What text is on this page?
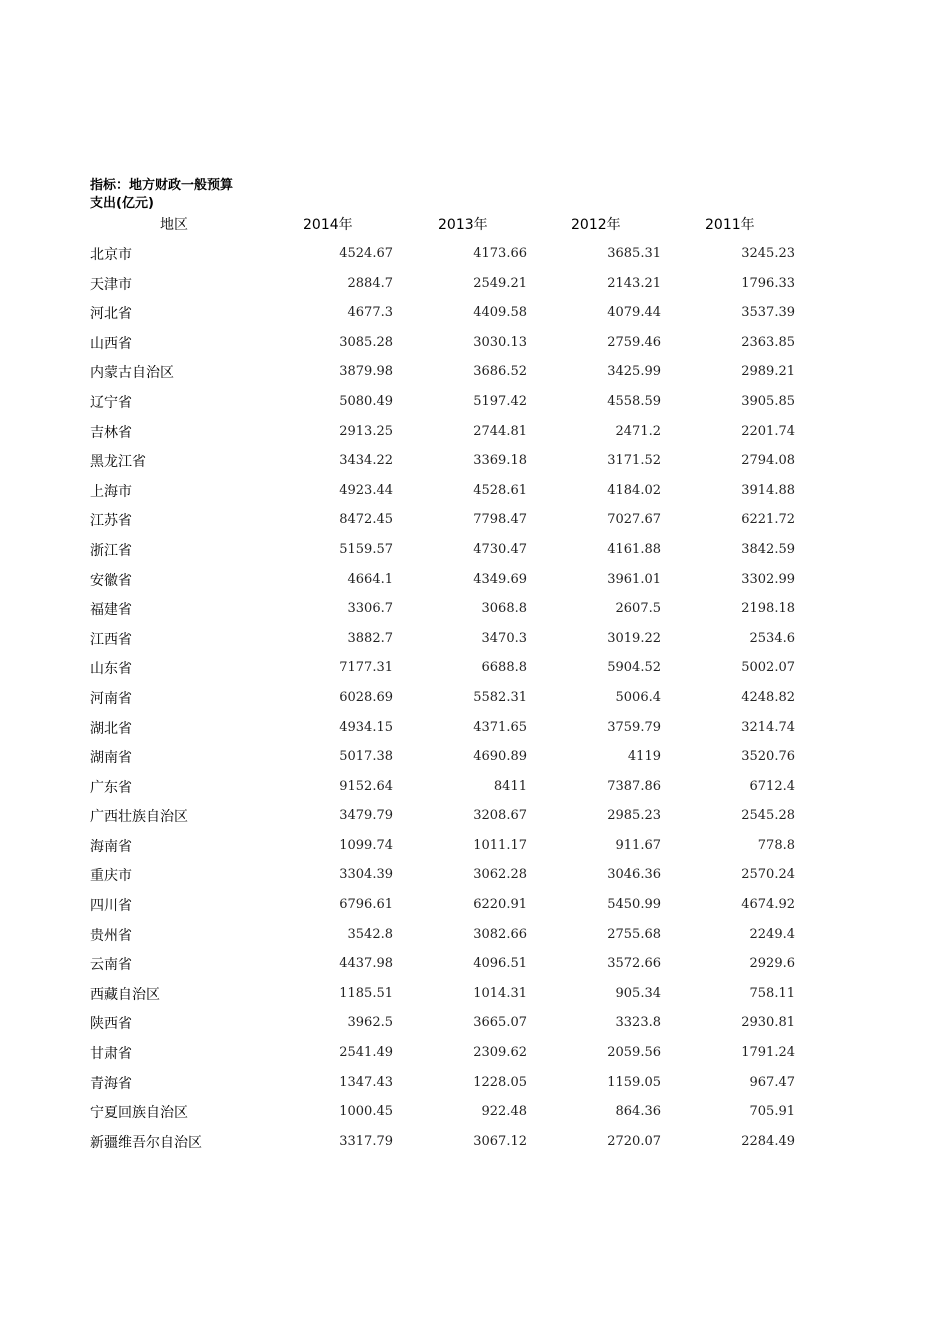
指标：地方财政一般预算
支出(亿元)
地区	2014年	2013年	2012年	2011年
北京市	4524.67	4173.66	3685.31	3245.23
天津市	2884.7	2549.21	2143.21	1796.33
河北省	4677.3	4409.58	4079.44	3537.39
山西省	3085.28	3030.13	2759.46	2363.85
内蒙古自治区	3879.98	3686.52	3425.99	2989.21
辽宁省	5080.49	5197.42	4558.59	3905.85
吉林省	2913.25	2744.81	2471.2	2201.74
黑龙江省	3434.22	3369.18	3171.52	2794.08
上海市	4923.44	4528.61	4184.02	3914.88
江苏省	8472.45	7798.47	7027.67	6221.72
浙江省	5159.57	4730.47	4161.88	3842.59
安徽省	4664.1	4349.69	3961.01	3302.99
福建省	3306.7	3068.8	2607.5	2198.18
江西省	3882.7	3470.3	3019.22	2534.6
山东省	7177.31	6688.8	5904.52	5002.07
河南省	6028.69	5582.31	5006.4	4248.82
湖北省	4934.15	4371.65	3759.79	3214.74
湖南省	5017.38	4690.89	4119	3520.76
广东省	9152.64	8411	7387.86	6712.4
广西壮族自治区	3479.79	3208.67	2985.23	2545.28
海南省	1099.74	1011.17	911.67	778.8
重庆市	3304.39	3062.28	3046.36	2570.24
四川省	6796.61	6220.91	5450.99	4674.92
贵州省	3542.8	3082.66	2755.68	2249.4
云南省	4437.98	4096.51	3572.66	2929.6
西藏自治区	1185.51	1014.31	905.34	758.11
陕西省	3962.5	3665.07	3323.8	2930.81
甘肃省	2541.49	2309.62	2059.56	1791.24
青海省	1347.43	1228.05	1159.05	967.47
宁夏回族自治区	1000.45	922.48	864.36	705.91
新疆维吾尔自治区	3317.79	3067.12	2720.07	2284.49
